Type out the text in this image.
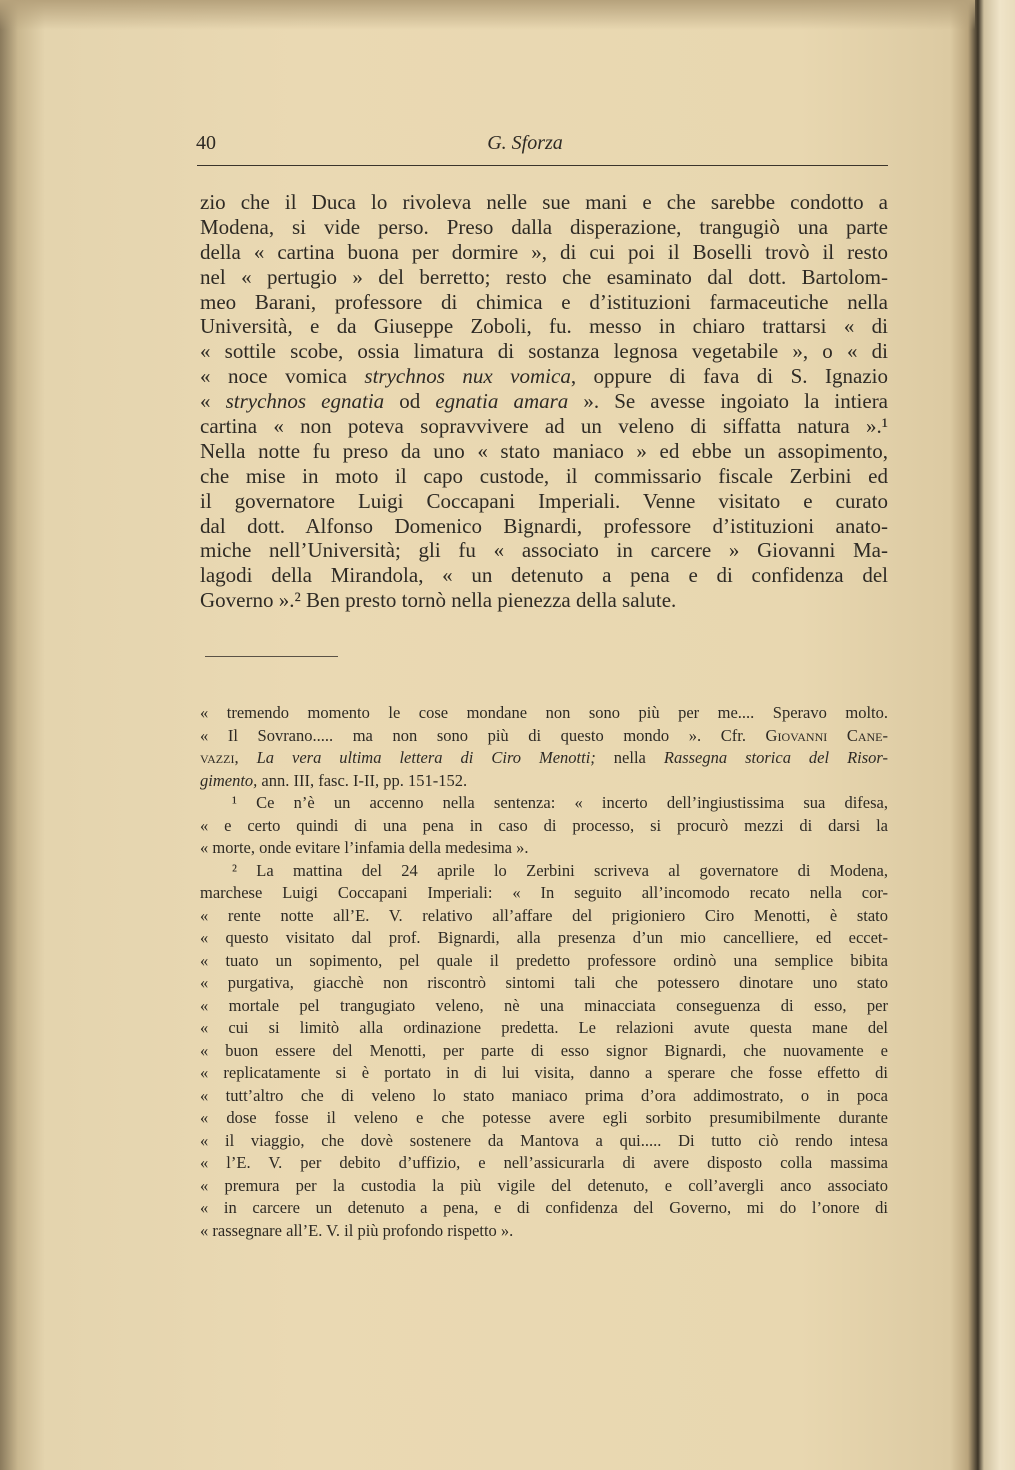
40	G. Sforza
zio che il Duca lo rivoleva nelle sue mani e che sarebbe condotto a
Modena, si vide perso. Preso dalla disperazione, trangugiò una parte
della « cartina buona per dormire », di cui poi il Boselli trovò il resto
nel « pertugio » del berretto; resto che esaminato dal dott. Bartolom-
meo Barani, professore di chimica e d’istituzioni farmaceutiche nella
Università, e da Giuseppe Zoboli, fu. messo in chiaro trattarsi « di
« sottile scobe, ossia limatura di sostanza legnosa vegetabile », o « di
« noce vomica strychnos nux vomica, oppure di fava di S. Ignazio
« strychnos egnatia od egnatia amara ». Se avesse ingoiato la intiera
cartina « non poteva sopravvivere ad un veleno di siffatta natura ».¹
Nella notte fu preso da uno « stato maniaco » ed ebbe un assopimento,
che mise in moto il capo custode, il commissario fiscale Zerbini ed
il governatore Luigi Coccapani Imperiali. Venne visitato e curato
dal dott. Alfonso Domenico Bignardi, professore d’istituzioni anato-
miche nell’Università; gli fu « associato in carcere » Giovanni Ma-
lagodi della Mirandola, « un detenuto a pena e di confidenza del
Governo ».² Ben presto tornò nella pienezza della salute.
« tremendo momento le cose mondane non sono più per me.... Speravo molto.
« Il Sovrano..... ma non sono più di questo mondo ». Cfr. Giovanni Cane-
vazzi, La vera ultima lettera di Ciro Menotti; nella Rassegna storica del Risor-
gimento, ann. III, fasc. I-II, pp. 151-152.
¹ Ce n’è un accenno nella sentenza: « incerto dell’ingiustissima sua difesa,
« e certo quindi di una pena in caso di processo, si procurò mezzi di darsi la
« morte, onde evitare l’infamia della medesima ».
² La mattina del 24 aprile lo Zerbini scriveva al governatore di Modena,
marchese Luigi Coccapani Imperiali: « In seguito all’incomodo recato nella cor-
« rente notte all’E. V. relativo all’affare del prigioniero Ciro Menotti, è stato
« questo visitato dal prof. Bignardi, alla presenza d’un mio cancelliere, ed eccet-
« tuato un sopimento, pel quale il predetto professore ordinò una semplice bibita
« purgativa, giacchè non riscontrò sintomi tali che potessero dinotare uno stato
« mortale pel trangugiato veleno, nè una minacciata conseguenza di esso, per
« cui si limitò alla ordinazione predetta. Le relazioni avute questa mane del
« buon essere del Menotti, per parte di esso signor Bignardi, che nuovamente e
« replicatamente si è portato in di lui visita, danno a sperare che fosse effetto di
« tutt’altro che di veleno lo stato maniaco prima d’ora addimostrato, o in poca
« dose fosse il veleno e che potesse avere egli sorbito presumibilmente durante
« il viaggio, che dovè sostenere da Mantova a qui..... Di tutto ciò rendo intesa
« l’E. V. per debito d’uffizio, e nell’assicurarla di avere disposto colla massima
« premura per la custodia la più vigile del detenuto, e coll’avergli anco associato
« in carcere un detenuto a pena, e di confidenza del Governo, mi do l’onore di
« rassegnare all’E. V. il più profondo rispetto ».
